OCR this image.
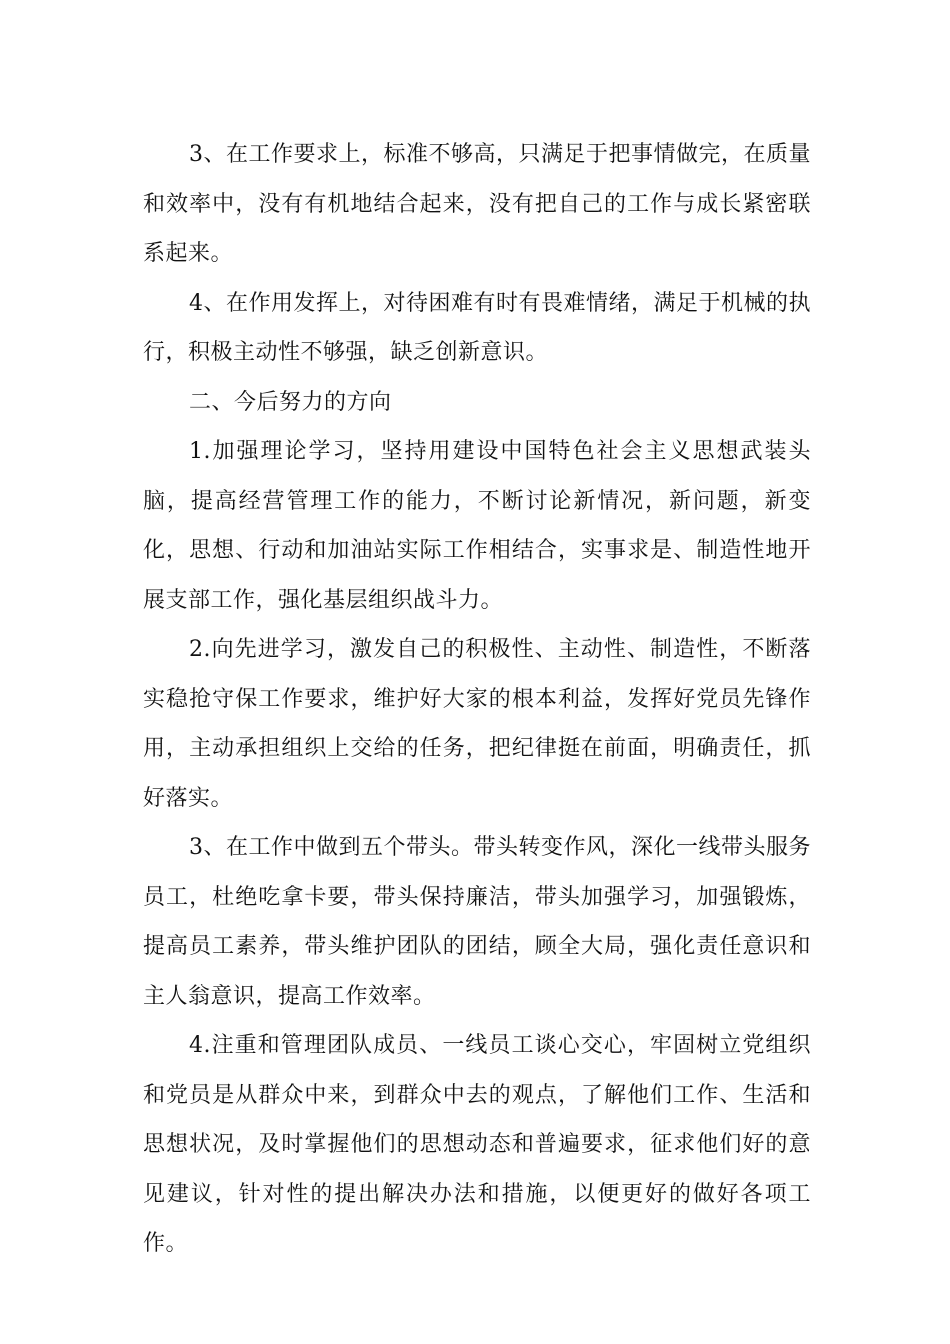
3、在工作要求上，标准不够高，只满足于把事情做完，在质量和效率中，没有有机地结合起来，没有把自己的工作与成长紧密联系起来。

4、在作用发挥上，对待困难有时有畏难情绪，满足于机械的执行，积极主动性不够强，缺乏创新意识。

二、今后努力的方向

1.加强理论学习，坚持用建设中国特色社会主义思想武装头脑，提高经营管理工作的能力，不断讨论新情况，新问题，新变化，思想、行动和加油站实际工作相结合，实事求是、制造性地开展支部工作，强化基层组织战斗力。

2.向先进学习，激发自己的积极性、主动性、制造性，不断落实稳抢守保工作要求，维护好大家的根本利益，发挥好党员先锋作用，主动承担组织上交给的任务，把纪律挺在前面，明确责任，抓好落实。

3、在工作中做到五个带头。带头转变作风，深化一线带头服务员工，杜绝吃拿卡要，带头保持廉洁，带头加强学习，加强锻炼，提高员工素养，带头维护团队的团结，顾全大局，强化责任意识和主人翁意识，提高工作效率。

4.注重和管理团队成员、一线员工谈心交心，牢固树立党组织和党员是从群众中来，到群众中去的观点，了解他们工作、生活和思想状况，及时掌握他们的思想动态和普遍要求，征求他们好的意见建议，针对性的提出解决办法和措施，以便更好的做好各项工作。
